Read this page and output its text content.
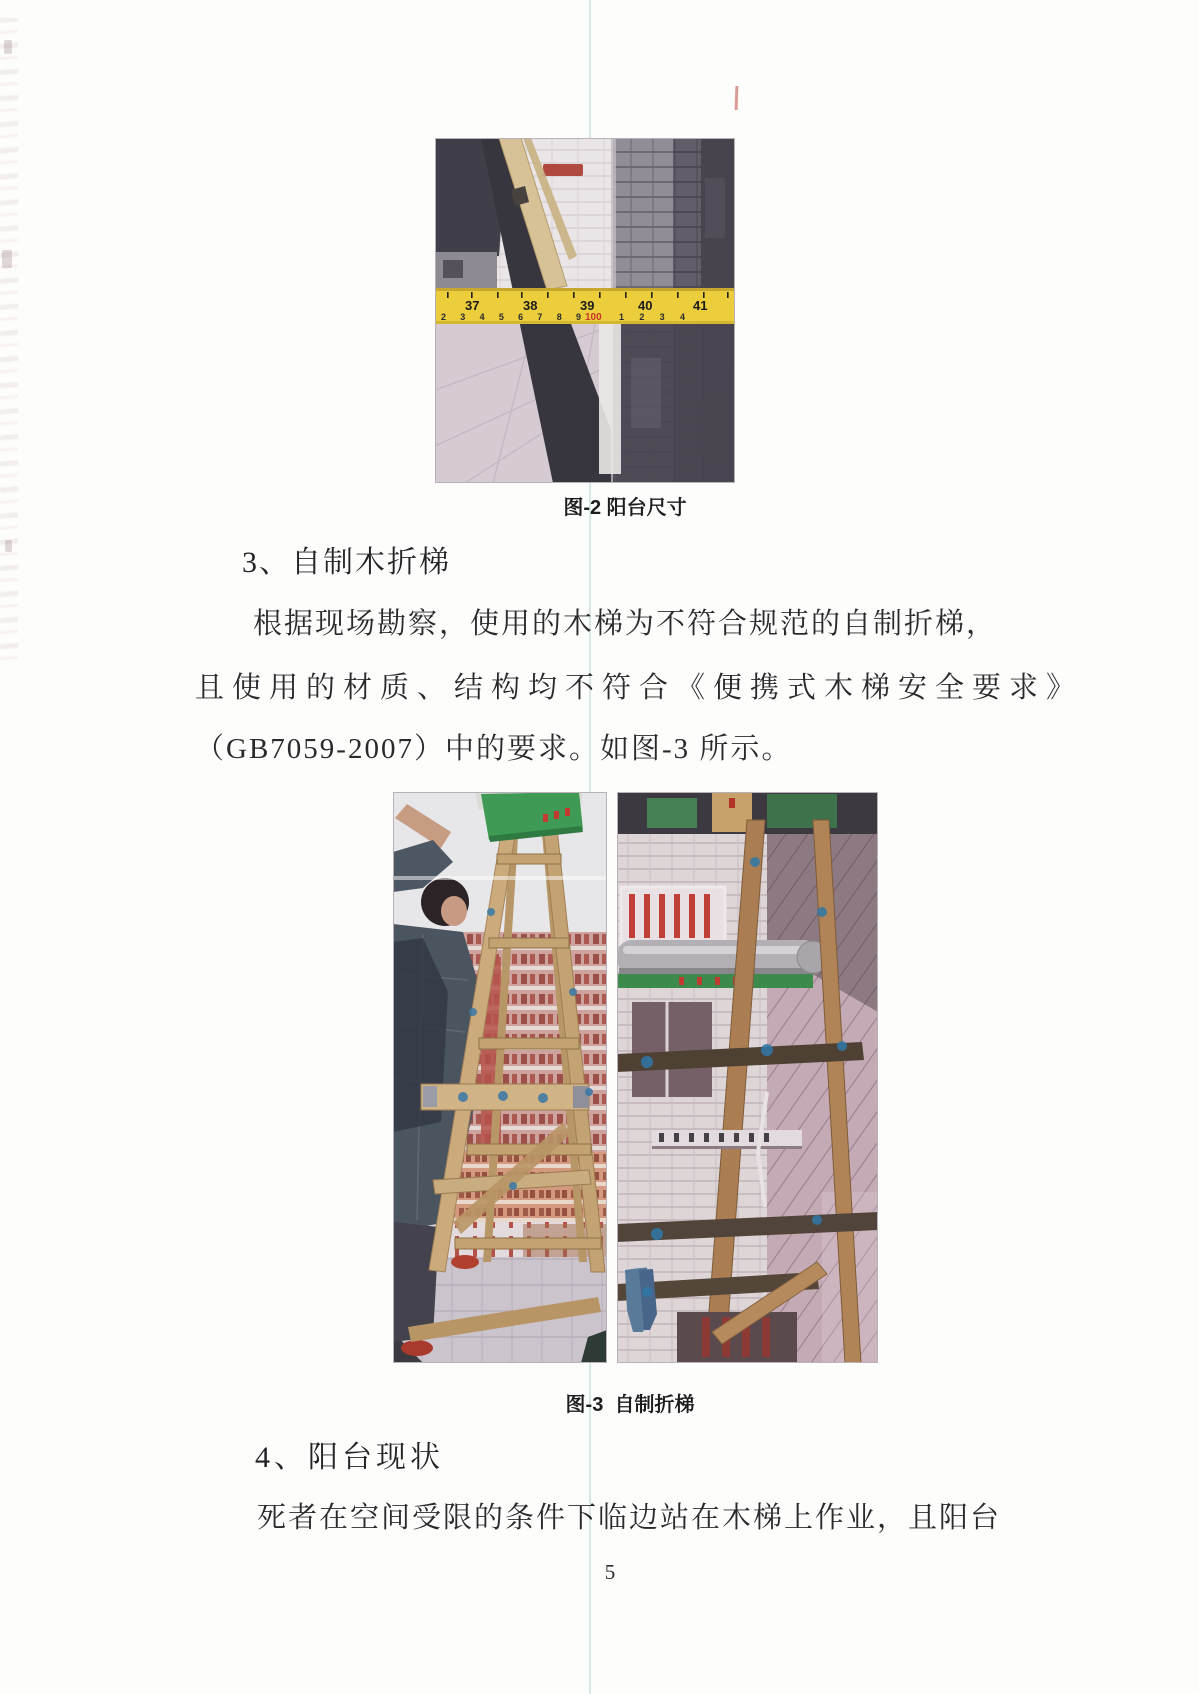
37	38	39	40	41
2 3 4 5 6 7 8 9 100 1 2 3 4
图-2 阳台尺寸
3、自制木折梯
根据现场勘察，使用的木梯为不符合规范的自制折梯，
且使用的材质、结构均不符合《便携式木梯安全要求》
（GB7059-2007）中的要求。如图-3 所示。
图-3  自制折梯
4、阳台现状
死者在空间受限的条件下临边站在木梯上作业，且阳台
5
